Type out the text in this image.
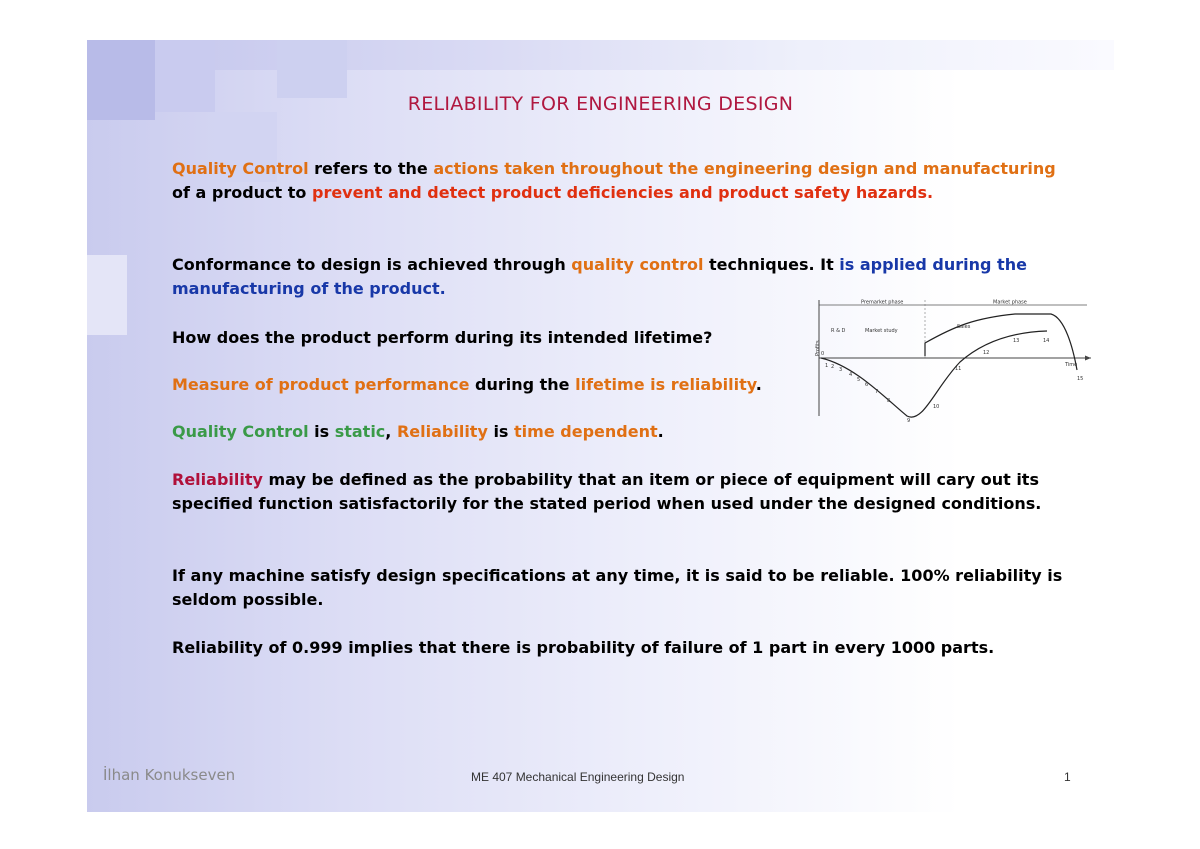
RELIABILITY FOR ENGINEERING DESIGN

Quality Control refers to the actions taken throughout the engineering design and manufacturing of a product to prevent and detect product deficiencies and product safety hazards.

Conformance to design is achieved through quality control techniques. It is applied during the manufacturing of the product.

How does the product perform during its intended lifetime?

Measure of product performance during the lifetime is reliability.

Quality Control is static, Reliability is time dependent.

Reliability may be defined as the probability that an item or piece of equipment will cary out its specified function satisfactorily for the stated period when used under the designed conditions.

If any machine satisfy design specifications at any time, it is said to be reliable. 100% reliability is seldom possible.

Reliability of 0.999 implies that there is probability of failure of 1 part in every 1000 parts.

Premarket phase	Market phase
R & D	Market study
Sales
Profits
Time
0
1 2 3
4
5
6
7
8
9
10
11
12
13	14
15

İlhan Konukseven	ME 407 Mechanical Engineering Design	1
